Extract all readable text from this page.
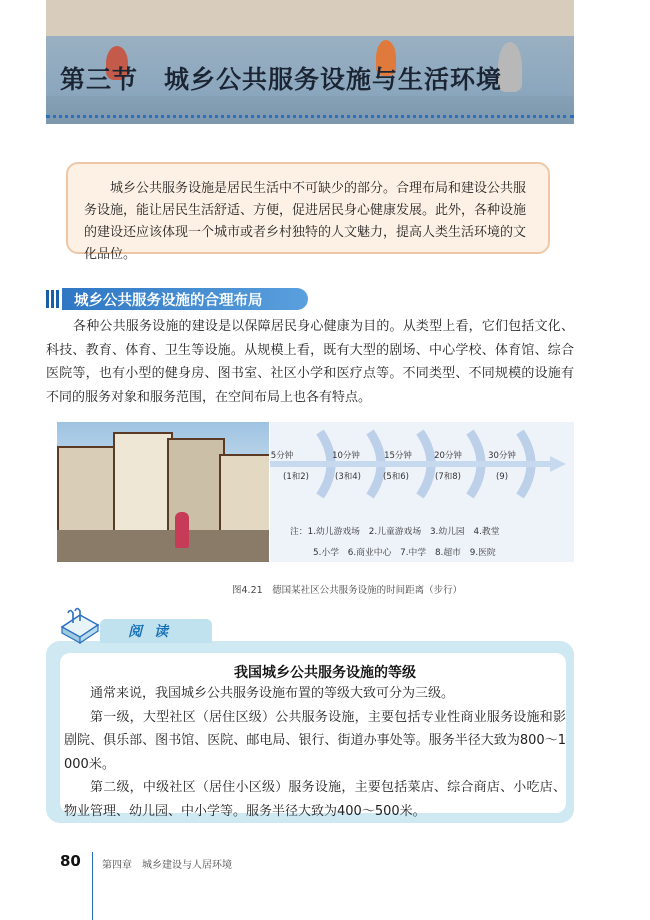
第三节　城乡公共服务设施与生活环境
城乡公共服务设施是居民生活中不可缺少的部分。合理布局和建设公共服务设施，能让居民生活舒适、方便，促进居民身心健康发展。此外，各种设施的建设还应该体现一个城市或者乡村独特的人文魅力，提高人类生活环境的文化品位。
城乡公共服务设施的合理布局
各种公共服务设施的建设是以保障居民身心健康为目的。从类型上看，它们包括文化、科技、教育、体育、卫生等设施。从规模上看，既有大型的剧场、中心学校、体育馆、综合医院等，也有小型的健身房、图书室、社区小学和医疗点等。不同类型、不同规模的设施有不同的服务对象和服务范围，在空间布局上也各有特点。
5分钟
(1和2)
10分钟
(3和4)
15分钟
(5和6)
20分钟
(7和8)
30分钟
(9)
注：1.幼儿游戏场　2.儿童游戏场　3.幼儿园　4.教堂
5.小学　6.商业中心　7.中学　8.超市　9.医院
图4.21　德国某社区公共服务设施的时间距离（步行）
阅读
我国城乡公共服务设施的等级

通常来说，我国城乡公共服务设施布置的等级大致可分为三级。

第一级，大型社区（居住区级）公共服务设施，主要包括专业性商业服务设施和影剧院、俱乐部、图书馆、医院、邮电局、银行、街道办事处等。服务半径大致为800～1 000米。

第二级，中级社区（居住小区级）服务设施，主要包括菜店、综合商店、小吃店、物业管理、幼儿园、中小学等。服务半径大致为400～500米。

80 第四章　城乡建设与人居环境
